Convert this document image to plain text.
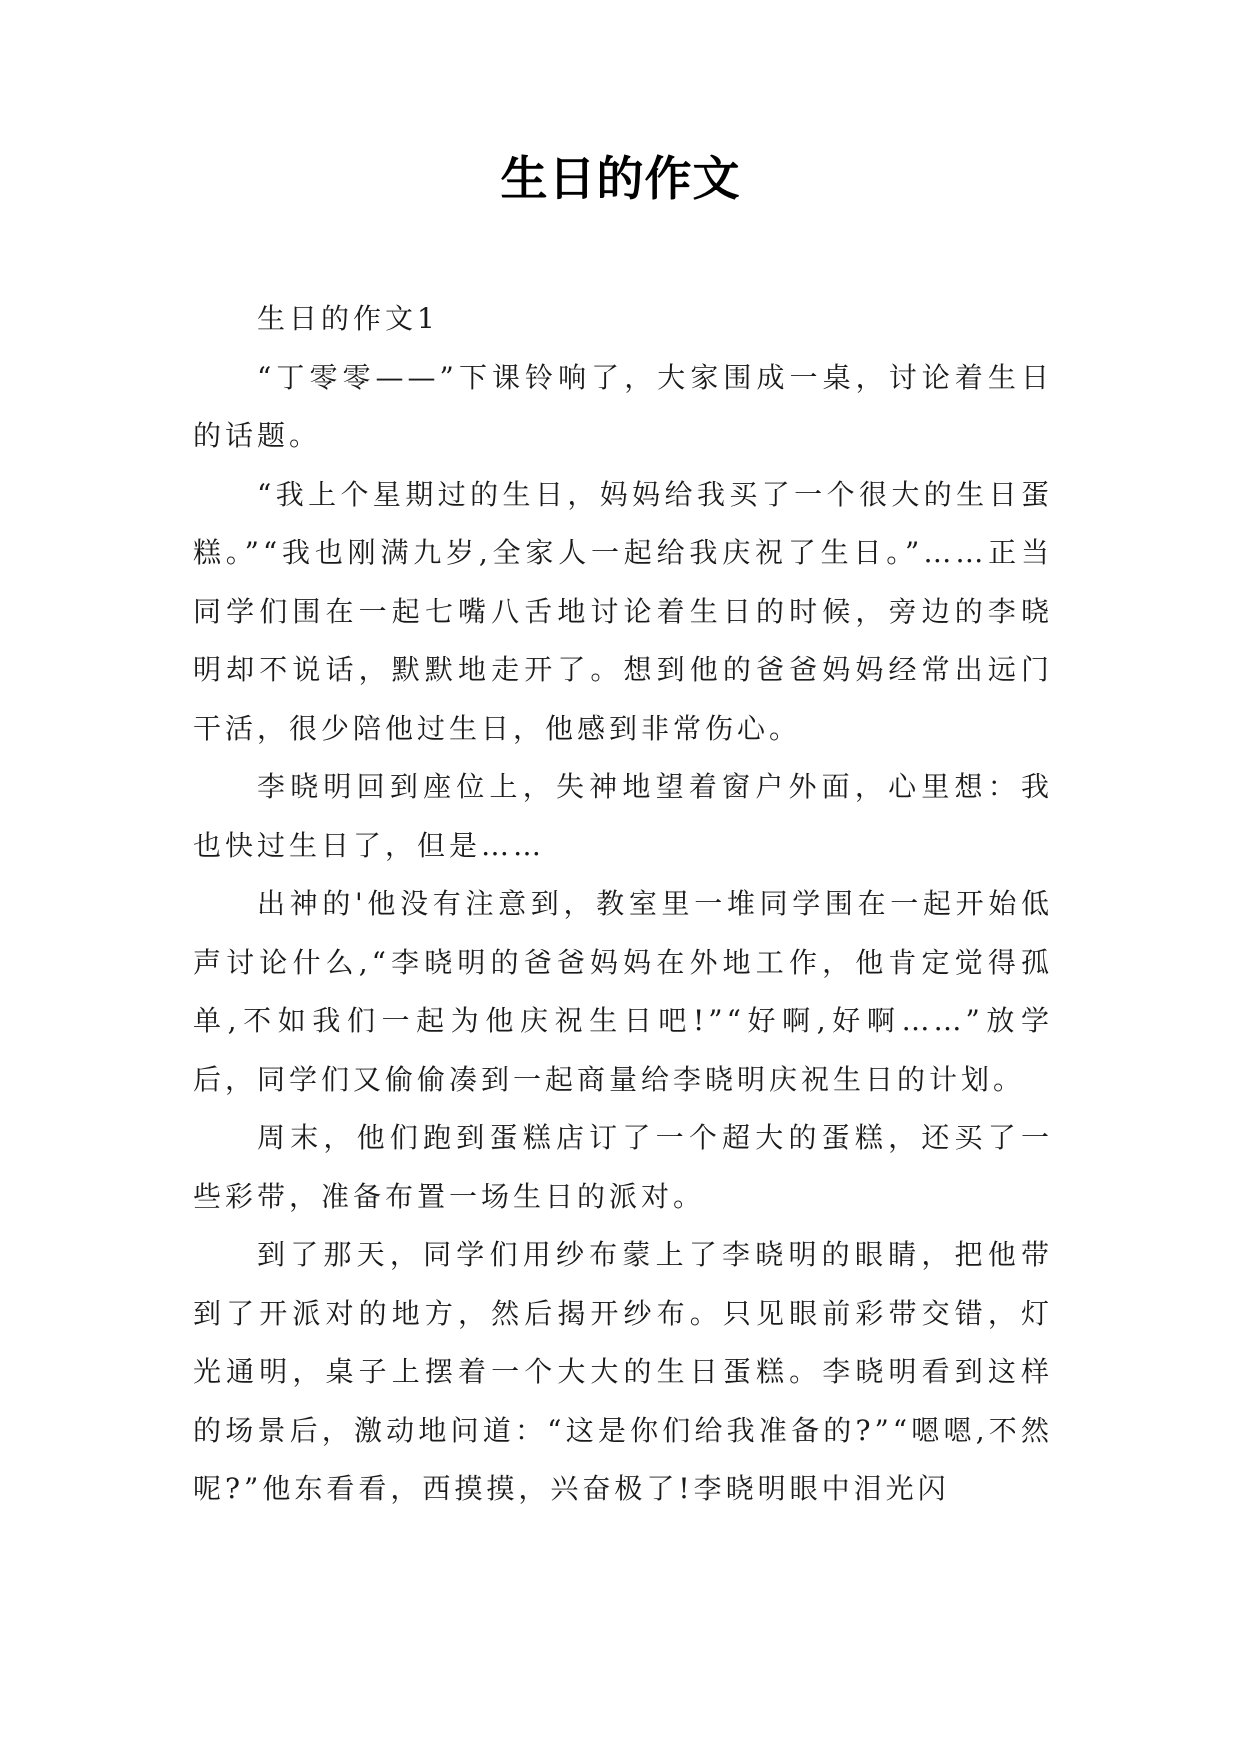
生日的作文

生日的作文1

“丁零零——”下课铃响了，大家围成一桌，讨论着生日的话题。

“我上个星期过的生日，妈妈给我买了一个很大的生日蛋糕。”“我也刚满九岁,全家人一起给我庆祝了生日。”……正当同学们围在一起七嘴八舌地讨论着生日的时候，旁边的李晓明却不说话，默默地走开了。想到他的爸爸妈妈经常出远门干活，很少陪他过生日，他感到非常伤心。

李晓明回到座位上，失神地望着窗户外面，心里想：我也快过生日了，但是……

出神的'他没有注意到，教室里一堆同学围在一起开始低声讨论什么,“李晓明的爸爸妈妈在外地工作，他肯定觉得孤单,不如我们一起为他庆祝生日吧!”“好啊,好啊……”放学后，同学们又偷偷凑到一起商量给李晓明庆祝生日的计划。

周末，他们跑到蛋糕店订了一个超大的蛋糕，还买了一些彩带，准备布置一场生日的派对。

到了那天，同学们用纱布蒙上了李晓明的眼睛，把他带到了开派对的地方，然后揭开纱布。只见眼前彩带交错，灯光通明，桌子上摆着一个大大的生日蛋糕。李晓明看到这样的场景后，激动地问道：“这是你们给我准备的?”“嗯嗯,不然呢?”他东看看，西摸摸，兴奋极了!李晓明眼中泪光闪
